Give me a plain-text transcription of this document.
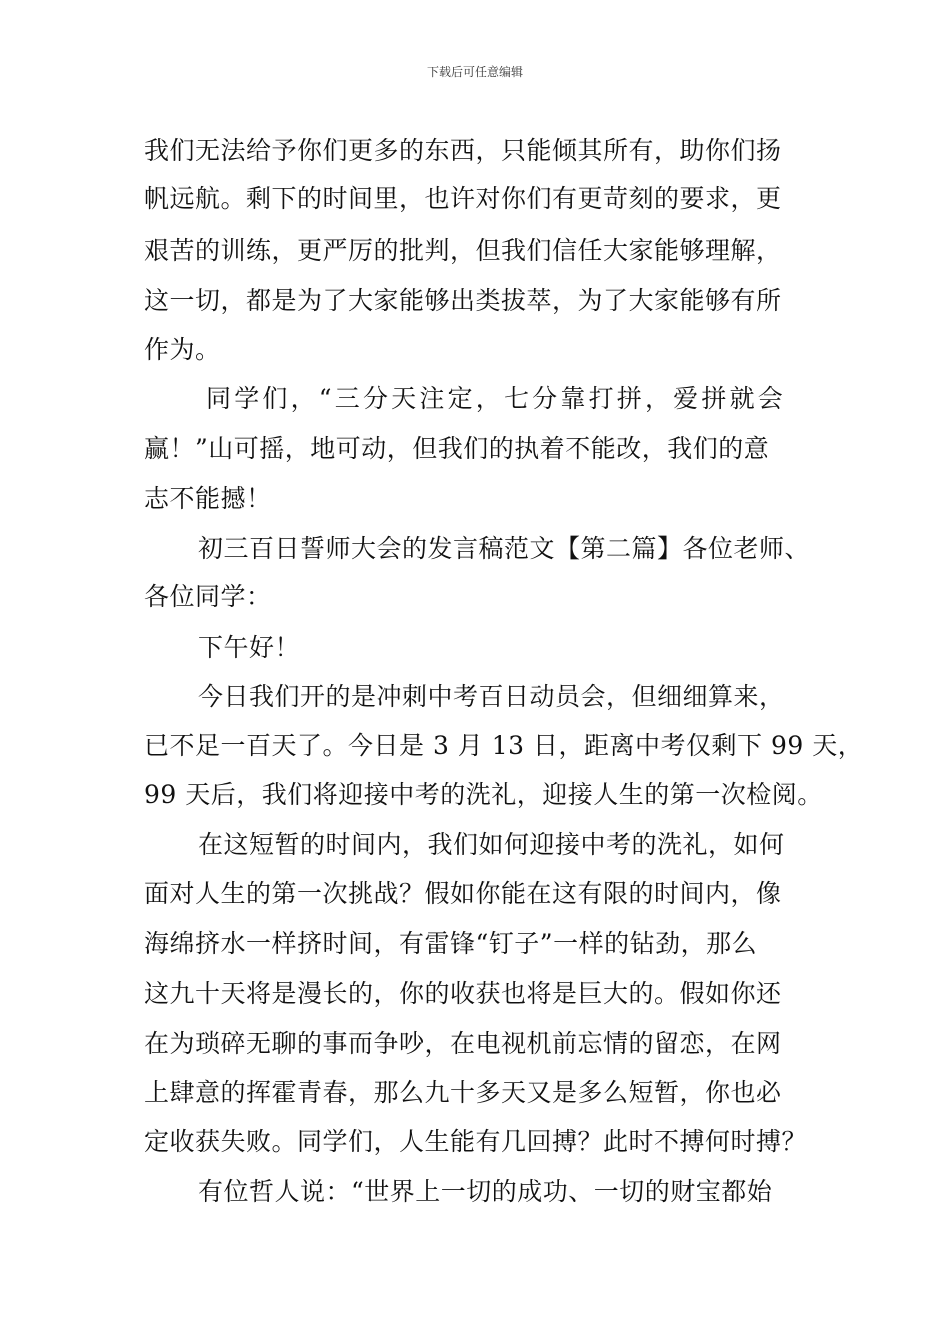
下载后可任意编辑
我们无法给予你们更多的东西，只能倾其所有，助你们扬
帆远航。剩下的时间里，也许对你们有更苛刻的要求，更
艰苦的训练，更严厉的批判，但我们信任大家能够理解，
这一切，都是为了大家能够出类拔萃，为了大家能够有所
作为。
同学们，“三分天注定，七分靠打拼，爱拼就会
赢！”山可摇，地可动，但我们的执着不能改，我们的意
志不能撼！
初三百日誓师大会的发言稿范文【第二篇】各位老师、
各位同学：
下午好！
今日我们开的是冲刺中考百日动员会，但细细算来，
已不足一百天了。今日是 3 月 13 日，距离中考仅剩下 99 天，
99 天后，我们将迎接中考的洗礼，迎接人生的第一次检阅。
在这短暂的时间内，我们如何迎接中考的洗礼，如何
面对人生的第一次挑战？假如你能在这有限的时间内，像
海绵挤水一样挤时间，有雷锋“钉子”一样的钻劲，那么
这九十天将是漫长的，你的收获也将是巨大的。假如你还
在为琐碎无聊的事而争吵，在电视机前忘情的留恋，在网
上肆意的挥霍青春，那么九十多天又是多么短暂，你也必
定收获失败。同学们，人生能有几回搏？此时不搏何时搏？
有位哲人说：“世界上一切的成功、一切的财宝都始
